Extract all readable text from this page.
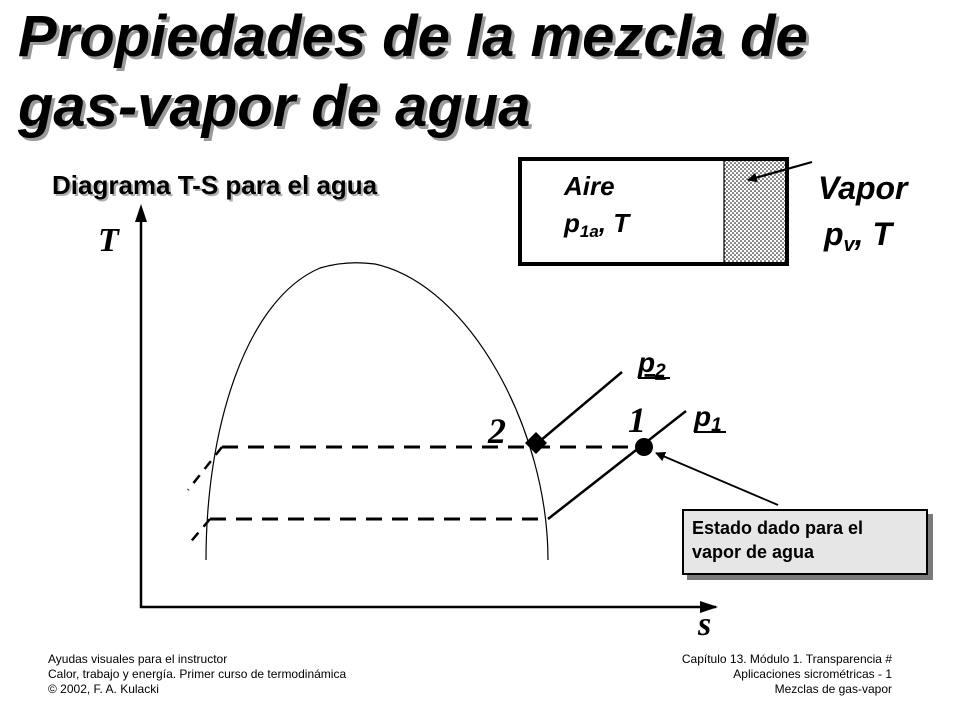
Propiedades de la mezcla de
gas-vapor de agua
Diagrama T-S para el agua
T
s
2	1
p2
p1
Aire
p1a, T
Vapor
pv, T
Estado dado para el
vapor de agua
Ayudas visuales para el instructor
Calor, trabajo y energía. Primer curso de termodinámica
© 2002, F. A. Kulacki
Capítulo 13. Módulo 1. Transparencia #
Aplicaciones sicrométricas - 1
Mezclas de gas-vapor
